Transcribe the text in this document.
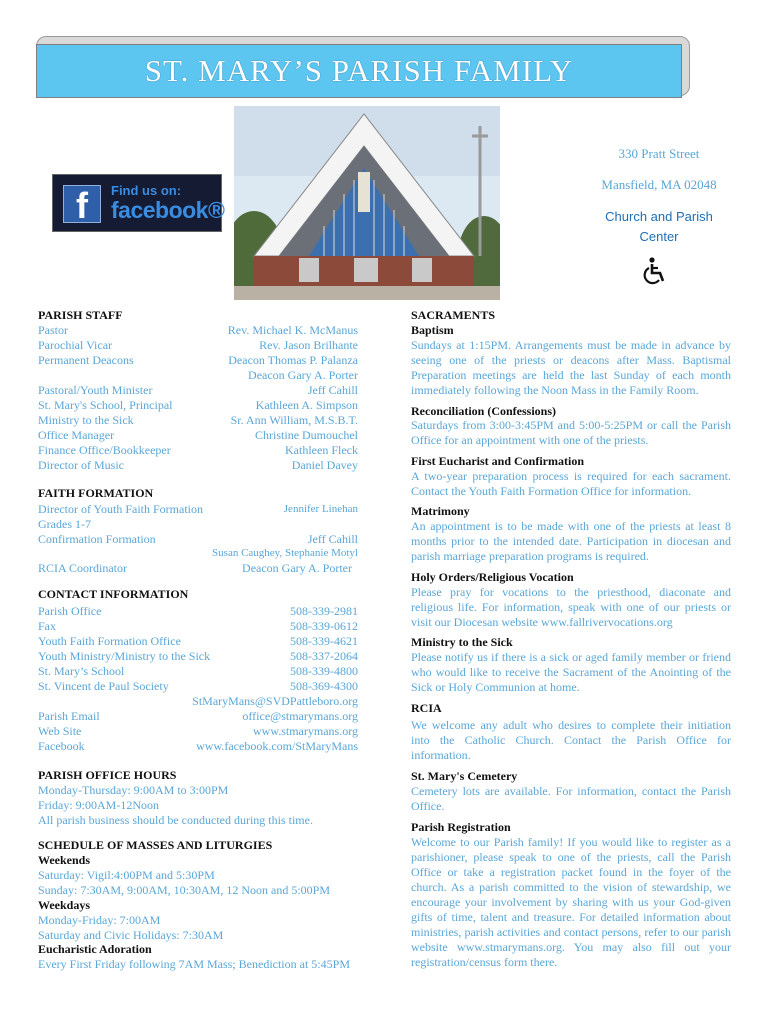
ST. MARY’S PARISH FAMILY
f	Find us on:
facebook®
330 Pratt Street
Mansfield, MA 02048
Church and Parish
Center
PARISH STAFF
Pastor	Rev. Michael K. McManus
Parochial Vicar	Rev. Jason Brilhante
Permanent Deacons	Deacon Thomas P. Palanza
Deacon Gary A. Porter
Pastoral/Youth Minister	Jeff Cahill
St. Mary's School, Principal	Kathleen A. Simpson
Ministry to the Sick	Sr. Ann William, M.S.B.T.
Office Manager	Christine Dumouchel
Finance Office/Bookkeeper	Kathleen Fleck
Director of Music	Daniel Davey
FAITH FORMATION
Director of Youth Faith Formation	Jennifer Linehan
Grades 1-7
Confirmation Formation	Jeff Cahill
Susan Caughey, Stephanie Motyl
RCIA Coordinator	Deacon Gary A. Porter
CONTACT INFORMATION
Parish Office	508-339-2981
Fax	508-339-0612
Youth Faith Formation Office	508-339-4621
Youth Ministry/Ministry to the Sick	508-337-2064
St. Mary’s School	508-339-4800
St. Vincent de Paul Society	508-369-4300
StMaryMans@SVDPattleboro.org
Parish Email	office@stmarymans.org
Web Site	www.stmarymans.org
Facebook	www.facebook.com/StMaryMans
PARISH OFFICE HOURS
Monday-Thursday: 9:00AM to 3:00PM
Friday: 9:00AM-12Noon
All parish business should be conducted during this time.
SCHEDULE OF MASSES AND LITURGIES
Weekends
Saturday: Vigil:4:00PM and 5:30PM
Sunday: 7:30AM, 9:00AM, 10:30AM, 12 Noon and 5:00PM
Weekdays
Monday-Friday: 7:00AM
Saturday and Civic Holidays: 7:30AM
Eucharistic Adoration
Every First Friday following 7AM Mass; Benediction at 5:45PM
SACRAMENTS
Baptism
Sundays at 1:15PM. Arrangements must be made in advance by seeing one of the priests or deacons after Mass. Baptismal Preparation meetings are held the last Sunday of each month immediately following the Noon Mass in the Family Room.
Reconciliation (Confessions)
Saturdays from 3:00-3:45PM and 5:00-5:25PM or call the Parish Office for an appointment with one of the priests.
First Eucharist and Confirmation
A two-year preparation process is required for each sacrament. Contact the Youth Faith Formation Office for information.
Matrimony
An appointment is to be made with one of the priests at least 8 months prior to the intended date. Participation in diocesan and parish marriage preparation programs is required.
Holy Orders/Religious Vocation
Please pray for vocations to the priesthood, diaconate and religious life. For information, speak with one of our priests or visit our Diocesan website www.fallrivervocations.org
Ministry to the Sick
Please notify us if there is a sick or aged family member or friend who would like to receive the Sacrament of the Anointing of the Sick or Holy Communion at home.
RCIA
We welcome any adult who desires to complete their initiation into the Catholic Church. Contact the Parish Office for information.
St. Mary's Cemetery
Cemetery lots are available. For information, contact the Parish Office.
Parish Registration
Welcome to our Parish family! If you would like to register as a parishioner, please speak to one of the priests, call the Parish Office or take a registration packet found in the foyer of the church. As a parish committed to the vision of stewardship, we encourage your involvement by sharing with us your God-given gifts of time, talent and treasure. For detailed information about ministries, parish activities and contact persons, refer to our parish website www.stmarymans.org. You may also fill out your registration/census form there.
